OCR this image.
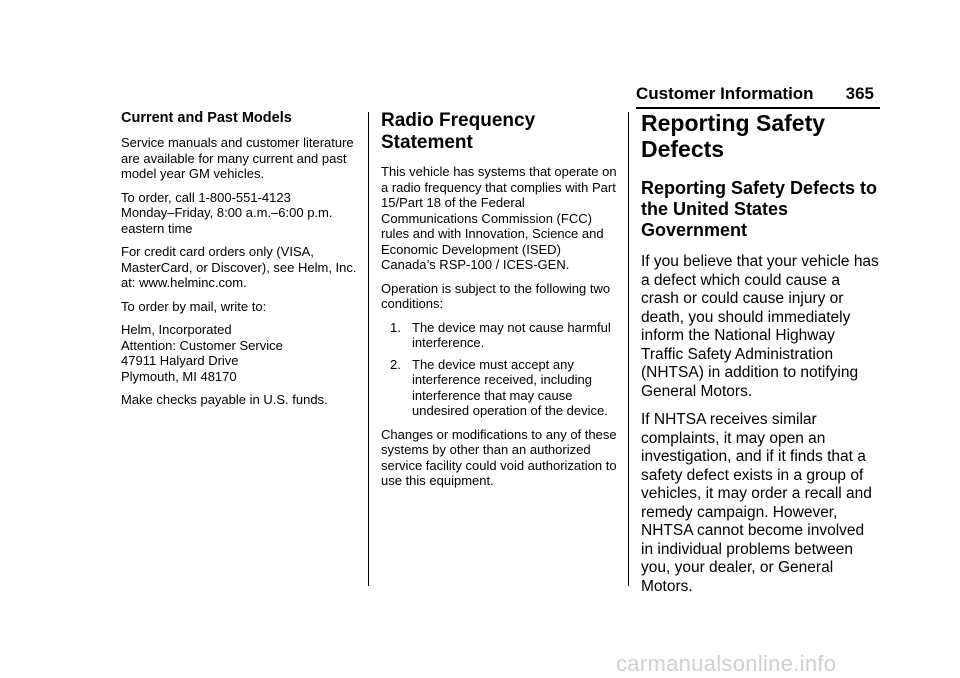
Customer Information 365
Current and Past Models

Service manuals and customer literature are available for many current and past model year GM vehicles.

To order, call 1-800-551-4123
Monday–Friday, 8:00 a.m.–6:00 p.m.
eastern time

For credit card orders only (VISA, MasterCard, or Discover), see Helm, Inc. at: www.helminc.com.

To order by mail, write to:

Helm, Incorporated
Attention: Customer Service
47911 Halyard Drive
Plymouth, MI 48170

Make checks payable in U.S. funds.

Radio Frequency Statement

This vehicle has systems that operate on a radio frequency that complies with Part 15/Part 18 of the Federal Communications Commission (FCC) rules and with Innovation, Science and Economic Development (ISED) Canada’s RSP-100 / ICES-GEN.

Operation is subject to the following two conditions:

1. The device may not cause harmful interference.
2. The device must accept any interference received, including interference that may cause undesired operation of the device.

Changes or modifications to any of these systems by other than an authorized service facility could void authorization to use this equipment.

Reporting Safety Defects
Reporting Safety Defects to the United States Government

If you believe that your vehicle has a defect which could cause a crash or could cause injury or death, you should immediately inform the National Highway Traffic Safety Administration (NHTSA) in addition to notifying General Motors.

If NHTSA receives similar complaints, it may open an investigation, and if it finds that a safety defect exists in a group of vehicles, it may order a recall and remedy campaign. However, NHTSA cannot become involved in individual problems between you, your dealer, or General Motors.

carmanualsonline.info
